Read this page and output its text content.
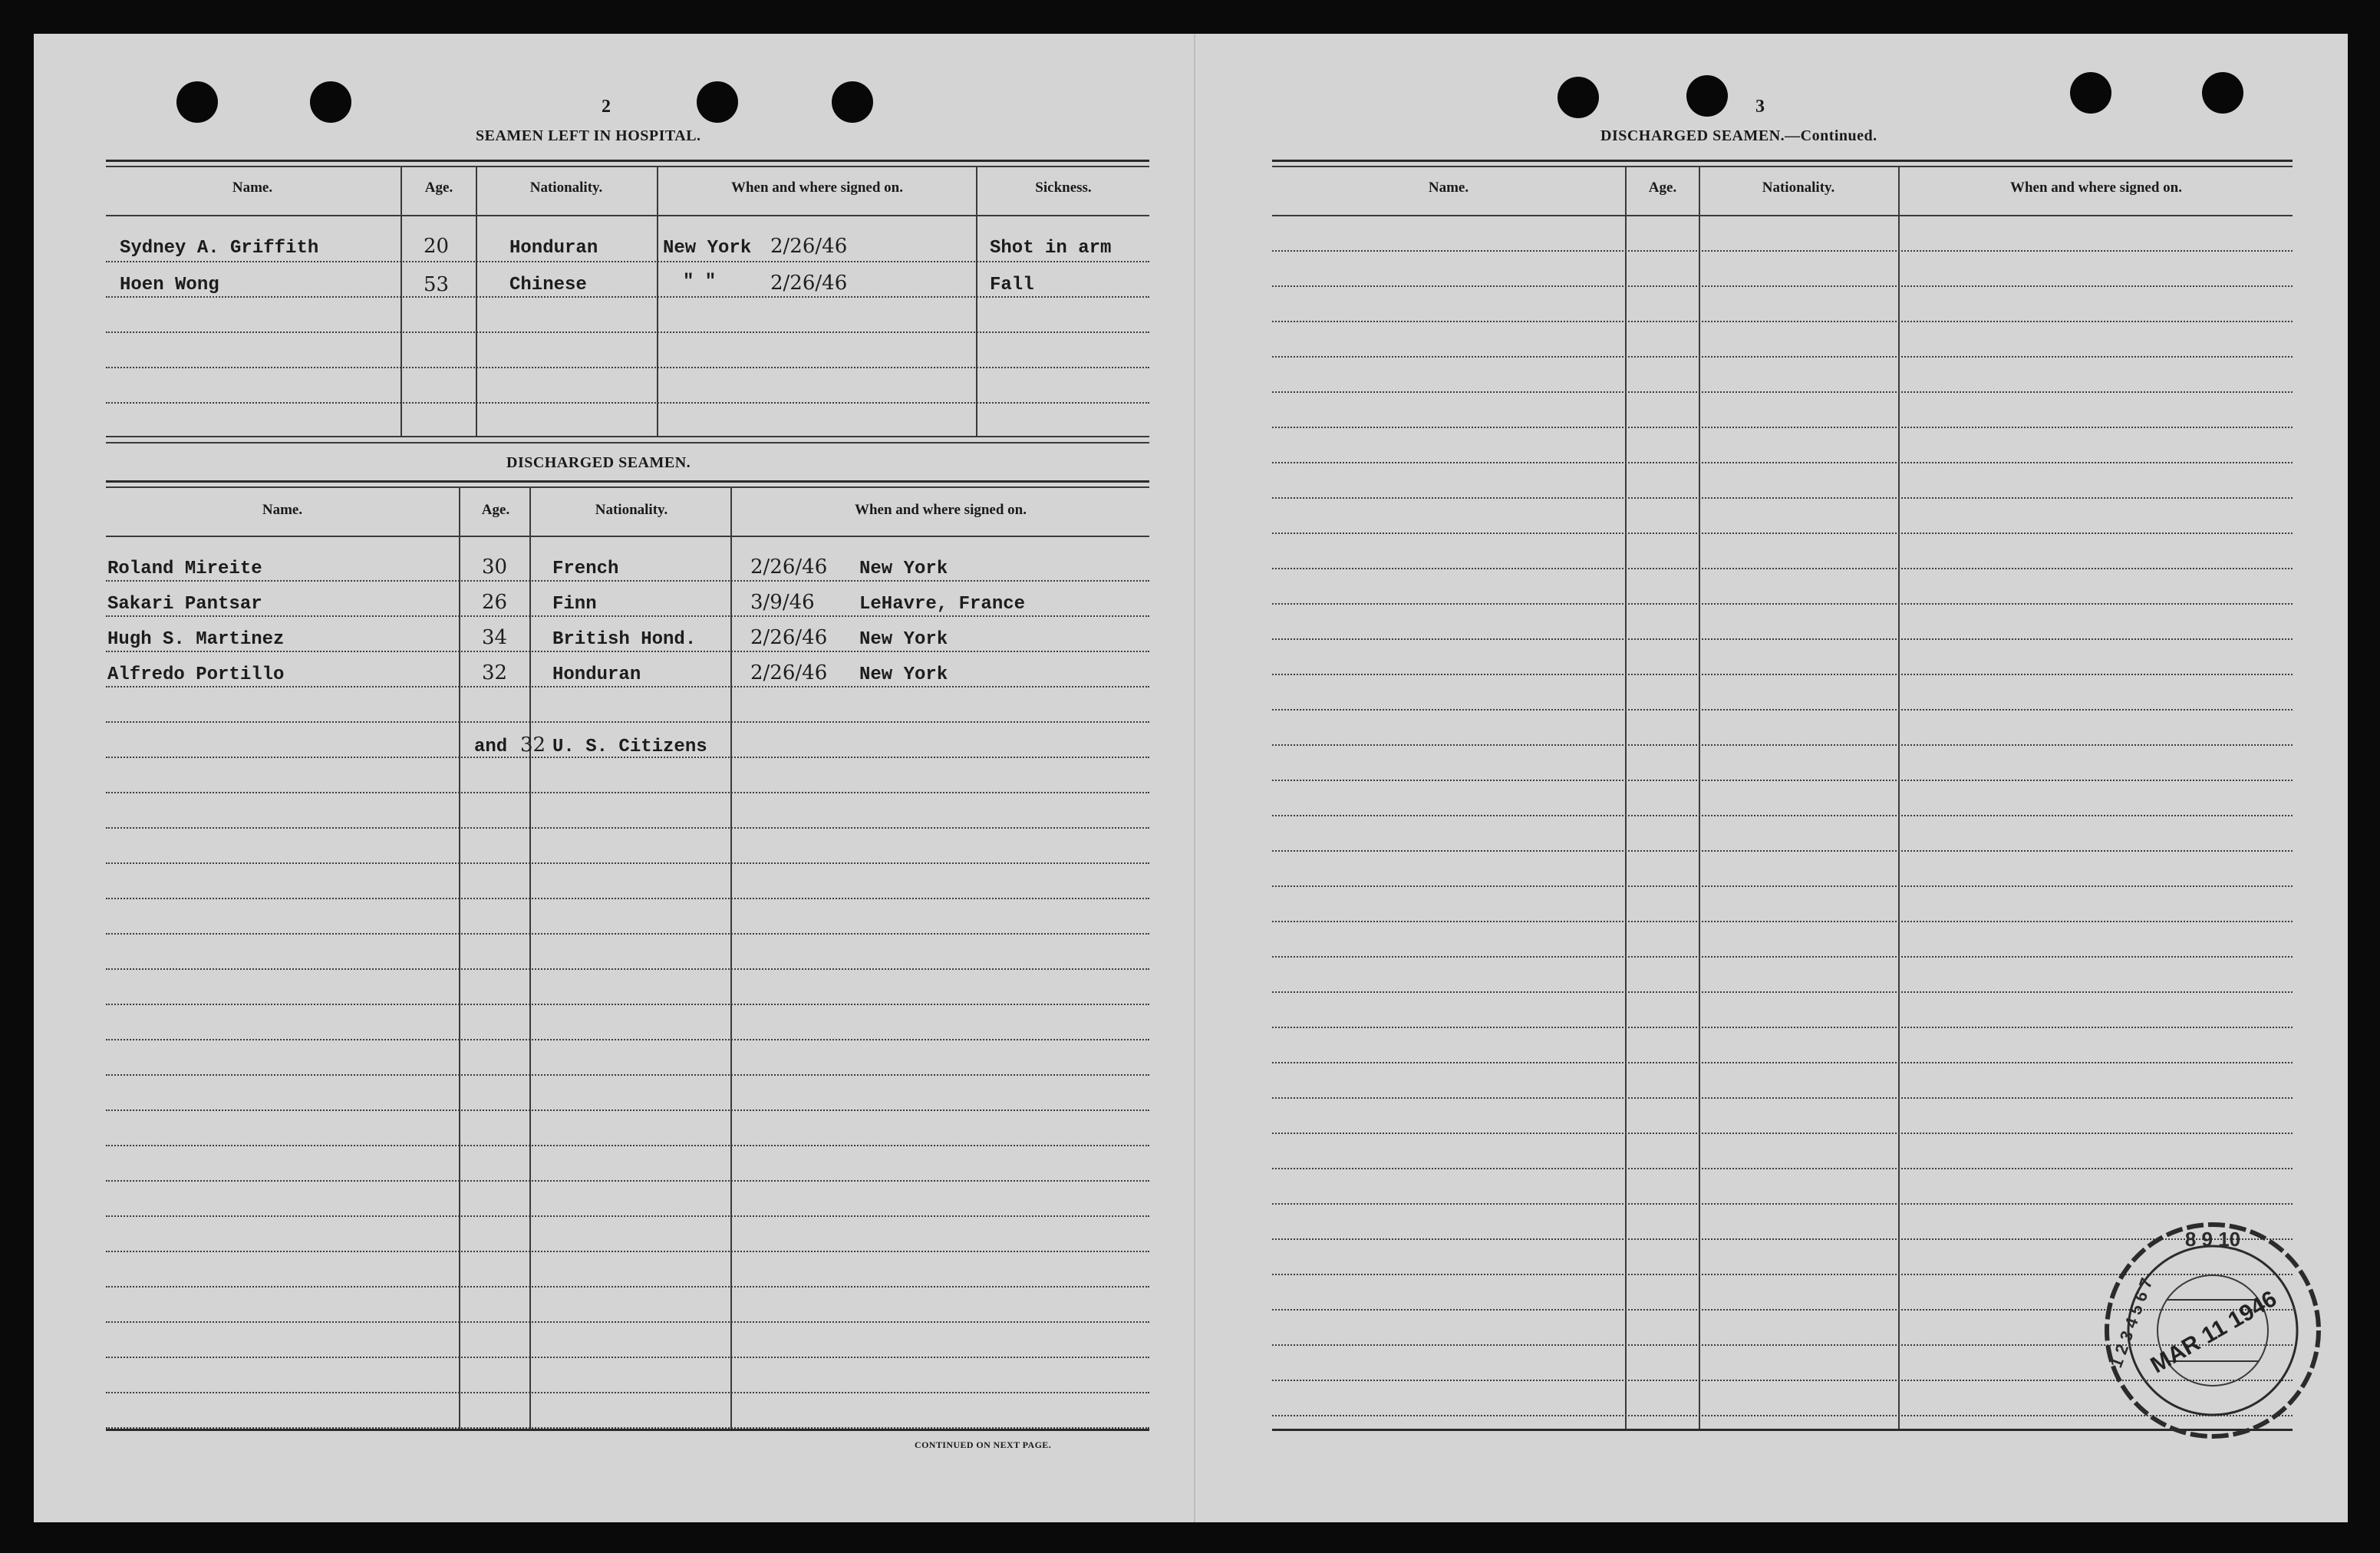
2
SEAMEN LEFT IN HOSPITAL.
Name.	Age.	Nationality.	When and where signed on.	Sickness.
Sydney A. Griffith	20	Honduran	New York 2/26/46	Shot in arm
Hoen Wong	53	Chinese	" "	2/26/46	Fall
DISCHARGED SEAMEN.
Name.	Age.	Nationality.	When and where signed on.
Roland Mireite	30 French	2/26/46 New York
Sakari Pantsar	26 Finn	3/9/46 LeHavre, France
Hugh S. Martinez	34 British Hond.	2/26/46 New York
Alfredo Portillo	32 Honduran	2/26/46 New York
and 32 U. S. Citizens
CONTINUED ON NEXT PAGE.
3
DISCHARGED SEAMEN.—Continued.
Name.	Age.	Nationality.	When and where signed on.
8 9 10
MAR 11 1946
1 2 3 4 5 6 7
